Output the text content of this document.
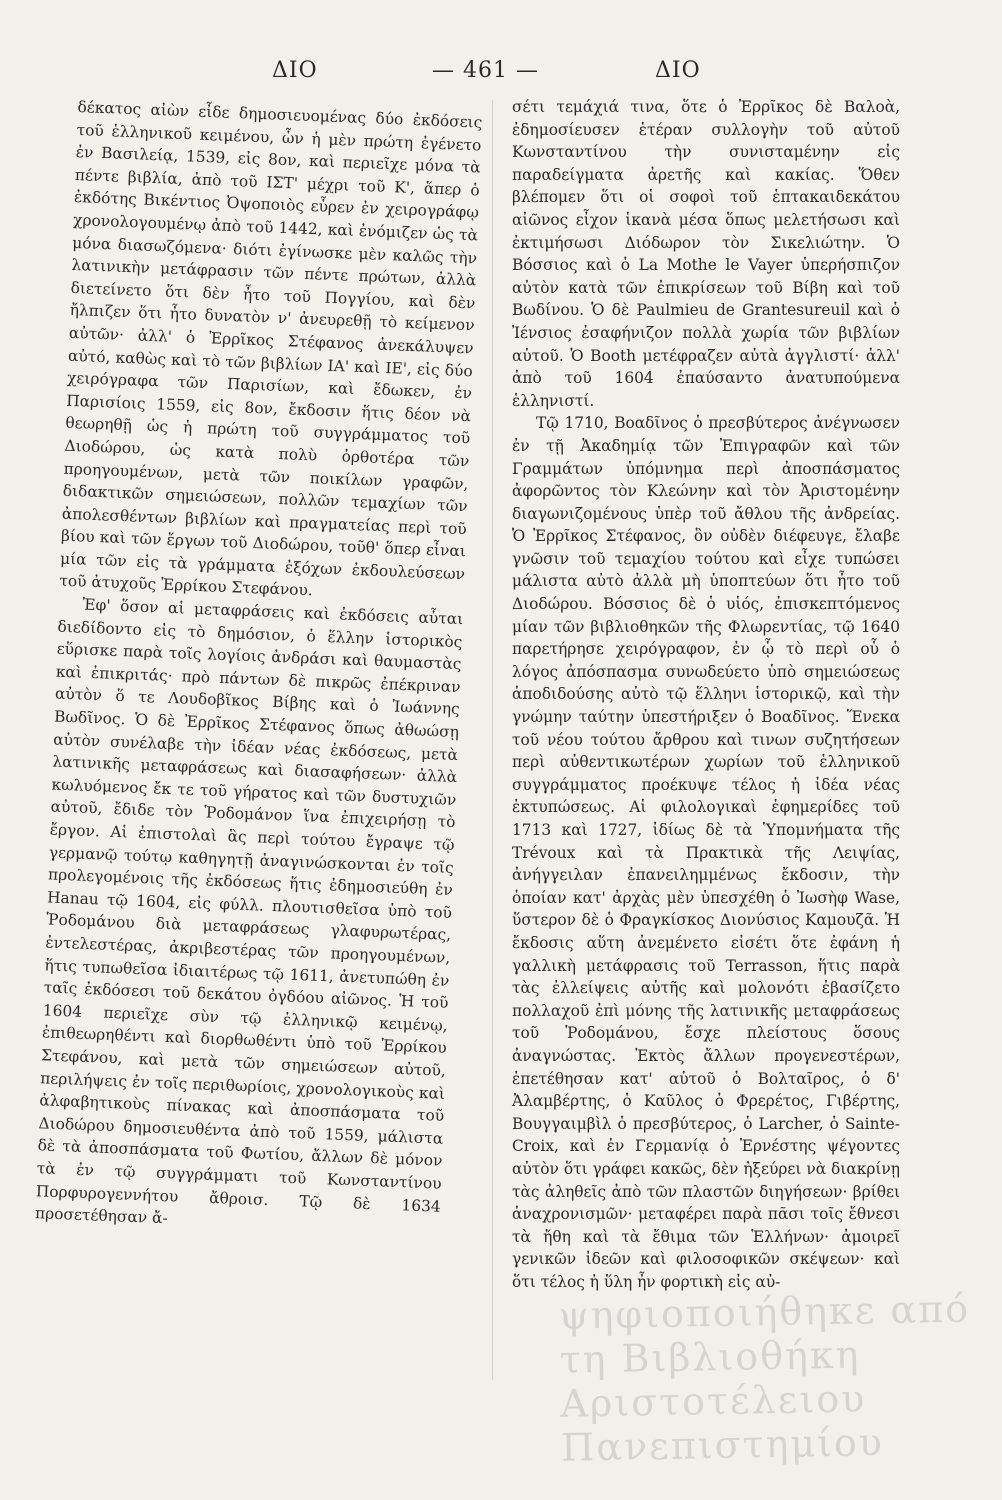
ΔΙΟ	— 461 —	ΔΙΟ

δέκατος αἰὼν εἶδε δημοσιευομένας δύο ἐκδόσεις τοῦ ἑλληνικοῦ κειμένου, ὧν ἡ μὲν πρώτη ἐγένετο ἐν Βασιλείᾳ, 1539, εἰς 8ον, καὶ περιεῖχε μόνα τὰ πέντε βιβλία, ἀπὸ τοῦ ΙΣΤ' μέχρι τοῦ Κ', ἅπερ ὁ ἐκδότης Βικέντιος Ὀψοποιὸς εὗρεν ἐν χειρογράφῳ χρονολογουμένῳ ἀπὸ τοῦ 1442, καὶ ἐνόμιζεν ὡς τὰ μόνα διασωζόμενα· διότι ἐγίνωσκε μὲν καλῶς τὴν λατινικὴν μετάφρασιν τῶν πέντε πρώτων, ἀλλὰ διετείνετο ὅτι δὲν ἦτο τοῦ Πογγίου, καὶ δὲν ἤλπιζεν ὅτι ἦτο δυνατὸν ν' ἀνευρεθῇ τὸ κείμενον αὐτῶν· ἀλλ' ὁ Ἐρρῖκος Στέφανος ἀνεκάλυψεν αὐτό, καθὼς καὶ τὸ τῶν βιβλίων ΙΑ' καὶ ΙΕ', εἰς δύο χειρόγραφα τῶν Παρισίων, καὶ ἔδωκεν, ἐν Παρισίοις 1559, εἰς 8ον, ἔκδοσιν ἥτις δέον νὰ θεωρηθῇ ὡς ἡ πρώτη τοῦ συγγράμματος τοῦ Διοδώρου, ὡς κατὰ πολὺ ὀρθοτέρα τῶν προηγουμένων, μετὰ τῶν ποικίλων γραφῶν, διδακτικῶν σημειώσεων, πολλῶν τεμαχίων τῶν ἀπολεσθέντων βιβλίων καὶ πραγματείας περὶ τοῦ βίου καὶ τῶν ἔργων τοῦ Διοδώρου, τοῦθ' ὅπερ εἶναι μία τῶν εἰς τὰ γράμματα ἐξόχων ἐκδουλεύσεων τοῦ ἀτυχοῦς Ἐρρίκου Στεφάνου.

Ἐφ' ὅσον αἱ μεταφράσεις καὶ ἐκδόσεις αὗται διεδίδοντο εἰς τὸ δημόσιον, ὁ ἕλλην ἱστορικὸς εὕρισκε παρὰ τοῖς λογίοις ἀνδράσι καὶ θαυμαστὰς καὶ ἐπικριτάς· πρὸ πάντων δὲ πικρῶς ἐπέκριναν αὐτὸν ὅ τε Λουδοβῖκος Βίβης καὶ ὁ Ἰωάννης Βωδῖνος. Ὁ δὲ Ἐρρῖκος Στέφανος ὅπως ἀθωώσῃ αὐτὸν συνέλαβε τὴν ἰδέαν νέας ἐκδόσεως, μετὰ λατινικῆς μεταφράσεως καὶ διασαφήσεων· ἀλλὰ κωλυόμενος ἔκ τε τοῦ γήρατος καὶ τῶν δυστυχιῶν αὐτοῦ, ἔδιδε τὸν Ῥοδομάνον ἵνα ἐπιχειρήσῃ τὸ ἔργον. Αἱ ἐπιστολαὶ ἃς περὶ τούτου ἔγραψε τῷ γερμανῷ τούτῳ καθηγητῇ ἀναγινώσκονται ἐν τοῖς προλεγομένοις τῆς ἐκδόσεως ἥτις ἐδημοσιεύθη ἐν Hanau τῷ 1604, εἰς φύλλ. πλουτισθεῖσα ὑπὸ τοῦ Ῥοδομάνου διὰ μεταφράσεως γλαφυρωτέρας, ἐντελεστέρας, ἀκριβεστέρας τῶν προηγουμένων, ἥτις τυπωθεῖσα ἰδιαιτέρως τῷ 1611, ἀνετυπώθη ἐν ταῖς ἐκδόσεσι τοῦ δεκάτου ὀγδόου αἰῶνος. Ἡ τοῦ 1604 περιεῖχε σὺν τῷ ἑλληνικῷ κειμένῳ, ἐπιθεωρηθέντι καὶ διορθωθέντι ὑπὸ τοῦ Ἐρρίκου Στεφάνου, καὶ μετὰ τῶν σημειώσεων αὐτοῦ, περιλήψεις ἐν τοῖς περιθωρίοις, χρονολογικοὺς καὶ ἀλφαβητικοὺς πίνακας καὶ ἀποσπάσματα τοῦ Διοδώρου δημοσιευθέντα ἀπὸ τοῦ 1559, μάλιστα δὲ τὰ ἀποσπάσματα τοῦ Φωτίου, ἄλλων δὲ μόνον τὰ ἐν τῷ συγγράμματι τοῦ Κωνσταντίνου Πορφυρογεννήτου ἄθροισ. Τῷ δὲ 1634 προσετέθησαν ἄ-

σέτι τεμάχιά τινα, ὅτε ὁ Ἐρρῖκος δὲ Βαλοὰ, ἐδημοσίευσεν ἑτέραν συλλογὴν τοῦ αὐτοῦ Κωνσταντίνου τὴν συνισταμένην εἰς παραδείγματα ἀρετῆς καὶ κακίας. Ὅθεν βλέπομεν ὅτι οἱ σοφοὶ τοῦ ἑπτακαιδεκάτου αἰῶνος εἶχον ἱκανὰ μέσα ὅπως μελετήσωσι καὶ ἐκτιμήσωσι Διόδωρον τὸν Σικελιώτην. Ὁ Βόσσιος καὶ ὁ La Mothe le Vayer ὑπερήσπιζον αὐτὸν κατὰ τῶν ἐπικρίσεων τοῦ Βίβη καὶ τοῦ Βωδίνου. Ὁ δὲ Paulmieu de Grantesureuil καὶ ὁ Ἰένσιος ἐσαφήνιζον πολλὰ χωρία τῶν βιβλίων αὐτοῦ. Ὁ Booth μετέφραζεν αὐτὰ ἀγγλιστί· ἀλλ' ἀπὸ τοῦ 1604 ἐπαύσαντο ἀνατυπούμενα ἑλληνιστί.

Τῷ 1710, Βοαδῖνος ὁ πρεσβύτερος ἀνέγνωσεν ἐν τῇ Ἀκαδημίᾳ τῶν Ἐπιγραφῶν καὶ τῶν Γραμμάτων ὑπόμνημα περὶ ἀποσπάσματος ἀφορῶντος τὸν Κλεώνην καὶ τὸν Ἀριστομένην διαγωνιζομένους ὑπὲρ τοῦ ἄθλου τῆς ἀνδρείας. Ὁ Ἐρρῖκος Στέφανος, ὃν οὐδὲν διέφευγε, ἔλαβε γνῶσιν τοῦ τεμαχίου τούτου καὶ εἶχε τυπώσει μάλιστα αὐτὸ ἀλλὰ μὴ ὑποπτεύων ὅτι ἦτο τοῦ Διοδώρου. Βόσσιος δὲ ὁ υἱός, ἐπισκεπτόμενος μίαν τῶν βιβλιοθηκῶν τῆς Φλωρεντίας, τῷ 1640 παρετήρησε χειρόγραφον, ἐν ᾧ τὸ περὶ οὗ ὁ λόγος ἀπόσπασμα συνωδεύετο ὑπὸ σημειώσεως ἀποδιδούσης αὐτὸ τῷ ἕλληνι ἱστορικῷ, καὶ τὴν γνώμην ταύτην ὑπεστήριξεν ὁ Βοαδῖνος. Ἕνεκα τοῦ νέου τούτου ἄρθρου καὶ τινων συζητήσεων περὶ αὐθεντικωτέρων χωρίων τοῦ ἑλληνικοῦ συγγράμματος προέκυψε τέλος ἡ ἰδέα νέας ἐκτυπώσεως. Αἱ φιλολογικαὶ ἐφημερίδες τοῦ 1713 καὶ 1727, ἰδίως δὲ τὰ Ὑπομνήματα τῆς Trévoux καὶ τὰ Πρακτικὰ τῆς Λειψίας, ἀνήγγειλαν ἐπανειλημμένως ἔκδοσιν, τὴν ὁποίαν κατ' ἀρχὰς μὲν ὑπεσχέθη ὁ Ἰωσὴφ Wase, ὕστερον δὲ ὁ Φραγκίσκος Διονύσιος Καμουζᾶ. Ἡ ἔκδοσις αὕτη ἀνεμένετο εἰσέτι ὅτε ἐφάνη ἡ γαλλικὴ μετάφρασις τοῦ Terrasson, ἥτις παρὰ τὰς ἐλλείψεις αὐτῆς καὶ μολονότι ἐβασίζετο πολλαχοῦ ἐπὶ μόνης τῆς λατινικῆς μεταφράσεως τοῦ Ῥοδομάνου, ἔσχε πλείστους ὅσους ἀναγνώστας. Ἐκτὸς ἄλλων προγενεστέρων, ἐπετέθησαν κατ' αὐτοῦ ὁ Βολταῖρος, ὁ δ' Ἀλαμβέρτης, ὁ Καῦλος ὁ Φρερέτος, Γιβέρτης, Βουγγαιμβὶλ ὁ πρεσβύτερος, ὁ Larcher, ὁ Sainte-Croix, καὶ ἐν Γερμανίᾳ ὁ Ἐρνέστης ψέγοντες αὐτὸν ὅτι γράφει κακῶς, δὲν ἠξεύρει νὰ διακρίνῃ τὰς ἀληθεῖς ἀπὸ τῶν πλαστῶν διηγήσεων· βρίθει ἀναχρονισμῶν· μεταφέρει παρὰ πᾶσι τοῖς ἔθνεσι τὰ ἤθη καὶ τὰ ἔθιμα τῶν Ἑλλήνων· ἀμοιρεῖ γενικῶν ἰδεῶν καὶ φιλοσοφικῶν σκέψεων· καὶ ὅτι τέλος ἡ ὕλη ἦν φορτικὴ εἰς αὐ-

ψηφιοποιήθηκε από τη Βιβλιοθήκη Αριστοτέλειου Πανεπιστημίου
